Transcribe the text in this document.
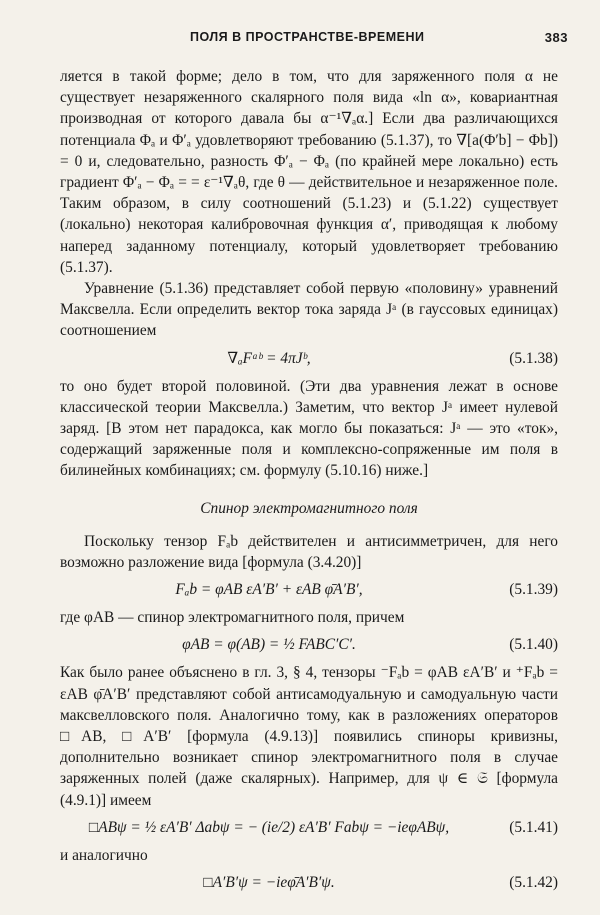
ПОЛЯ В ПРОСТРАНСТВЕ-ВРЕМЕНИ	383

ляется в такой форме; дело в том, что для заряженного поля α не существует незаряженного скалярного поля вида «ln α», ковариантная производная от которого давала бы α⁻¹∇ₐα.] Если два различающихся потенциала Φₐ и Φ′ₐ удовлетворяют требованию (5.1.37), то ∇[a(Φ′b] − Φb]) = 0 и, следовательно, разность Φ′ₐ − Φₐ (по крайней мере локально) есть градиент Φ′ₐ − Φₐ = = ε⁻¹∇ₐθ, где θ — действительное и незаряженное поле. Таким образом, в силу соотношений (5.1.23) и (5.1.22) существует (локально) некоторая калибровочная функция α′, приводящая к любому наперед заданному потенциалу, который удовлетворяет требованию (5.1.37).

Уравнение (5.1.36) представляет собой первую «половину» уравнений Максвелла. Если определить вектор тока заряда Jᵃ (в гауссовых единицах) соотношением

∇ₐFᵃᵇ = 4πJᵇ,	(5.1.38)

то оно будет второй половиной. (Эти два уравнения лежат в основе классической теории Максвелла.) Заметим, что вектор Jᵃ имеет нулевой заряд. [В этом нет парадокса, как могло бы показаться: Jᵃ — это «ток», содержащий заряженные поля и комплексно-сопряженные им поля в билинейных комбинациях; см. формулу (5.10.16) ниже.]

Спинор электромагнитного поля

Поскольку тензор Fₐb действителен и антисимметричен, для него возможно разложение вида [формула (3.4.20)]

Fₐb = φAB εA′B′ + εAB φ̄A′B′,	(5.1.39)

где φAB — спинор электромагнитного поля, причем

φAB = φ(AB) = ½ FABC′C′.	(5.1.40)

Как было ранее объяснено в гл. 3, § 4, тензоры ⁻Fₐb = φAB εA′B′ и ⁺Fₐb = εAB φ̄A′B′ представляют собой антисамодуальную и самодуальную части максвелловского поля. Аналогично тому, как в разложениях операторов □AB, □A′B′ [формула (4.9.13)] появились спиноры кривизны, дополнительно возникает спинор электромагнитного поля в случае заряженных полей (даже скалярных). Например, для ψ ∈ 𝔖 [формула (4.9.1)] имеем

□ABψ = ½ εA′B′ Δabψ = − (ie/2) εA′B′ Fabψ = −ieφABψ,	(5.1.41)

и аналогично

□A′B′ψ = −ieφ̄A′B′ψ.	(5.1.42)
